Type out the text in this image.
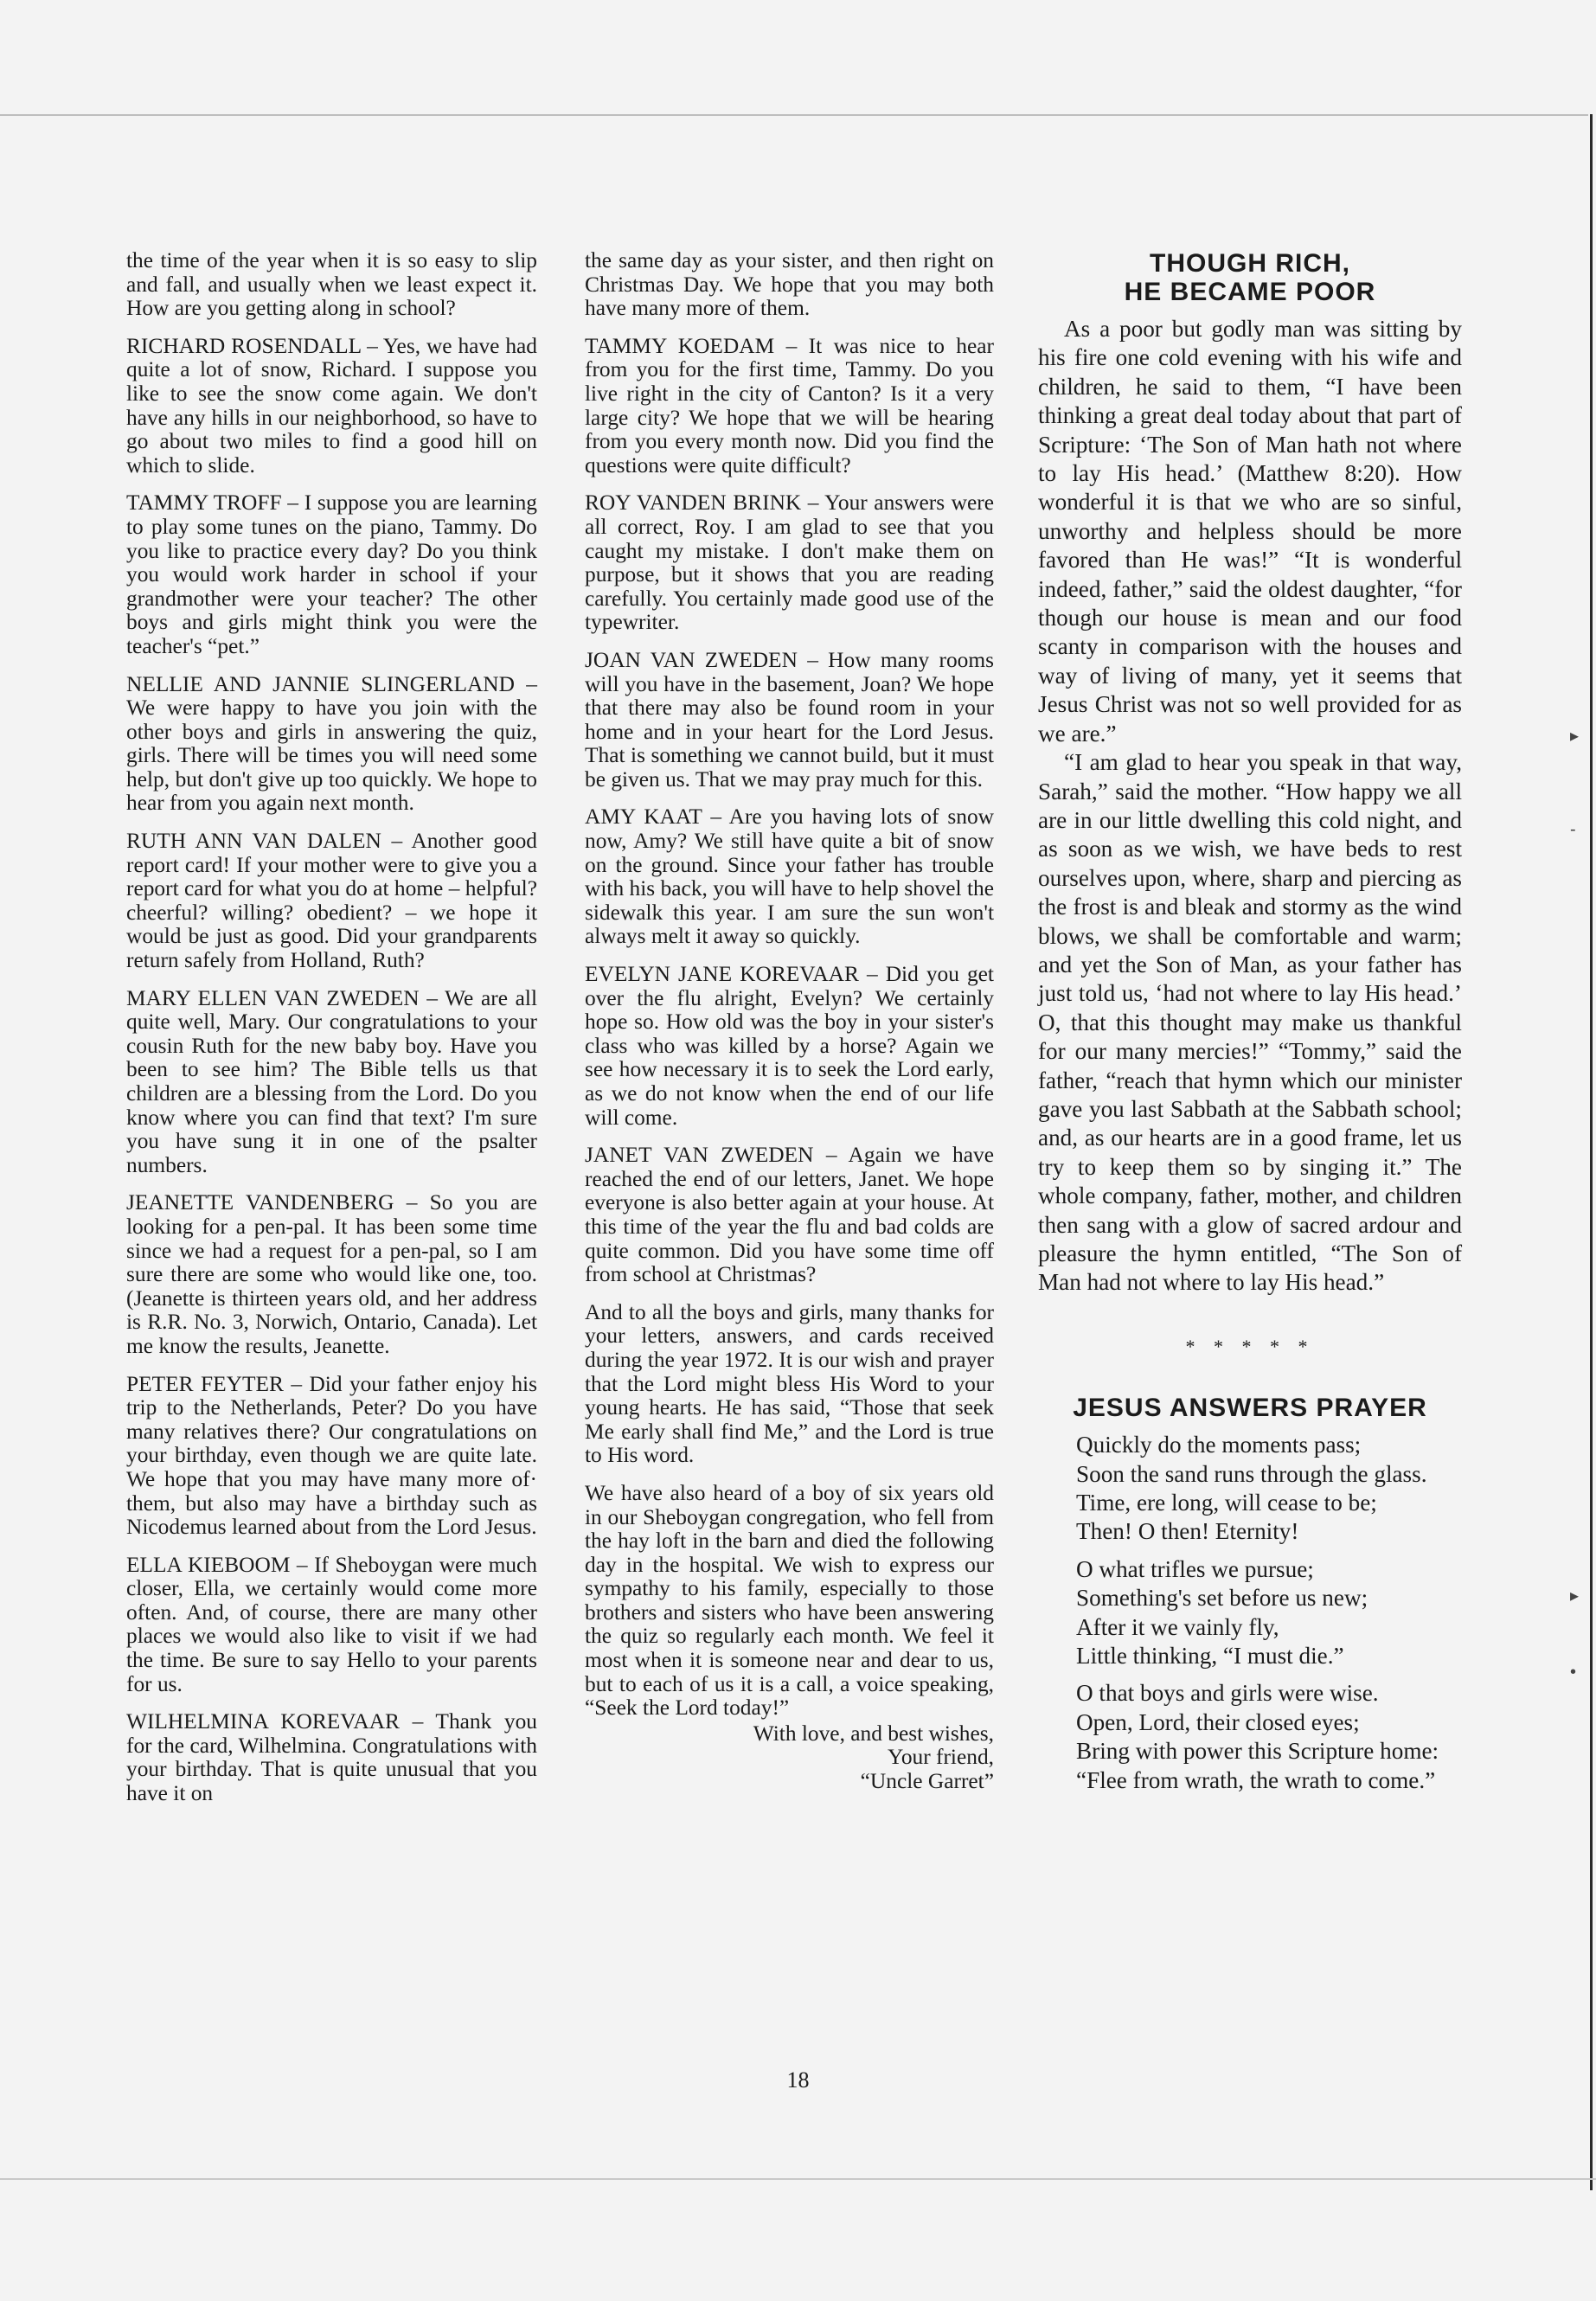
the time of the year when it is so easy to slip and fall, and usually when we least expect it. How are you getting along in school?

RICHARD ROSENDALL – Yes, we have had quite a lot of snow, Richard. I suppose you like to see the snow come again. We don't have any hills in our neighborhood, so have to go about two miles to find a good hill on which to slide.

TAMMY TROFF – I suppose you are learning to play some tunes on the piano, Tammy. Do you like to practice every day? Do you think you would work harder in school if your grandmother were your teacher? The other boys and girls might think you were the teacher's “pet.”

NELLIE AND JANNIE SLINGERLAND – We were happy to have you join with the other boys and girls in answering the quiz, girls. There will be times you will need some help, but don't give up too quickly. We hope to hear from you again next month.

RUTH ANN VAN DALEN – Another good report card! If your mother were to give you a report card for what you do at home – helpful? cheerful? willing? obedient? – we hope it would be just as good. Did your grandparents return safely from Holland, Ruth?

MARY ELLEN VAN ZWEDEN – We are all quite well, Mary. Our congratulations to your cousin Ruth for the new baby boy. Have you been to see him? The Bible tells us that children are a blessing from the Lord. Do you know where you can find that text? I'm sure you have sung it in one of the psalter numbers.

JEANETTE VANDENBERG – So you are looking for a pen-pal. It has been some time since we had a request for a pen-pal, so I am sure there are some who would like one, too. (Jeanette is thirteen years old, and her address is R.R. No. 3, Norwich, Ontario, Canada). Let me know the results, Jeanette.

PETER FEYTER – Did your father enjoy his trip to the Netherlands, Peter? Do you have many relatives there? Our congratulations on your birthday, even though we are quite late. We hope that you may have many more of· them, but also may have a birthday such as Nicodemus learned about from the Lord Jesus.

ELLA KIEBOOM – If Sheboygan were much closer, Ella, we certainly would come more often. And, of course, there are many other places we would also like to visit if we had the time. Be sure to say Hello to your parents for us.

WILHELMINA KOREVAAR – Thank you for the card, Wilhelmina. Congratulations with your birthday. That is quite unusual that you have it on

the same day as your sister, and then right on Christmas Day. We hope that you may both have many more of them.

TAMMY KOEDAM – It was nice to hear from you for the first time, Tammy. Do you live right in the city of Canton? Is it a very large city? We hope that we will be hearing from you every month now. Did you find the questions were quite difficult?

ROY VANDEN BRINK – Your answers were all correct, Roy. I am glad to see that you caught my mistake. I don't make them on purpose, but it shows that you are reading carefully. You certainly made good use of the typewriter.

JOAN VAN ZWEDEN – How many rooms will you have in the basement, Joan? We hope that there may also be found room in your home and in your heart for the Lord Jesus. That is something we cannot build, but it must be given us. That we may pray much for this.

AMY KAAT – Are you having lots of snow now, Amy? We still have quite a bit of snow on the ground. Since your father has trouble with his back, you will have to help shovel the sidewalk this year. I am sure the sun won't always melt it away so quickly.

EVELYN JANE KOREVAAR – Did you get over the flu alright, Evelyn? We certainly hope so. How old was the boy in your sister's class who was killed by a horse? Again we see how necessary it is to seek the Lord early, as we do not know when the end of our life will come.

JANET VAN ZWEDEN – Again we have reached the end of our letters, Janet. We hope everyone is also better again at your house. At this time of the year the flu and bad colds are quite common. Did you have some time off from school at Christmas?

And to all the boys and girls, many thanks for your letters, answers, and cards received during the year 1972. It is our wish and prayer that the Lord might bless His Word to your young hearts. He has said, “Those that seek Me early shall find Me,” and the Lord is true to His word.

We have also heard of a boy of six years old in our Sheboygan congregation, who fell from the hay loft in the barn and died the following day in the hospital. We wish to express our sympathy to his family, especially to those brothers and sisters who have been answering the quiz so regularly each month. We feel it most when it is someone near and dear to us, but to each of us it is a call, a voice speaking, “Seek the Lord today!”

With love, and best wishes,
Your friend,
“Uncle Garret”
THOUGH RICH,
HE BECAME POOR

As a poor but godly man was sitting by his fire one cold evening with his wife and children, he said to them, “I have been thinking a great deal today about that part of Scripture: ‘The Son of Man hath not where to lay His head.’ (Matthew 8:20). How wonderful it is that we who are so sinful, unworthy and helpless should be more favored than He was!” “It is wonderful indeed, father,” said the oldest daughter, “for though our house is mean and our food scanty in comparison with the houses and way of living of many, yet it seems that Jesus Christ was not so well provided for as we are.”

“I am glad to hear you speak in that way, Sarah,” said the mother. “How happy we all are in our little dwelling this cold night, and as soon as we wish, we have beds to rest ourselves upon, where, sharp and piercing as the frost is and bleak and stormy as the wind blows, we shall be comfortable and warm; and yet the Son of Man, as your father has just told us, ‘had not where to lay His head.’ O, that this thought may make us thankful for our many mercies!” “Tommy,” said the father, “reach that hymn which our minister gave you last Sabbath at the Sabbath school; and, as our hearts are in a good frame, let us try to keep them so by singing it.” The whole company, father, mother, and children then sang with a glow of sacred ardour and pleasure the hymn entitled, “The Son of Man had not where to lay His head.”

* * * * *
JESUS ANSWERS PRAYER
Quickly do the moments pass;
Soon the sand runs through the glass.
Time, ere long, will cease to be;
Then! O then! Eternity!
O what trifles we pursue;
Something's set before us new;
After it we vainly fly,
Little thinking, “I must die.”
O that boys and girls were wise.
Open, Lord, their closed eyes;
Bring with power this Scripture home:
“Flee from wrath, the wrath to come.”
18
▸
-
▸
•
